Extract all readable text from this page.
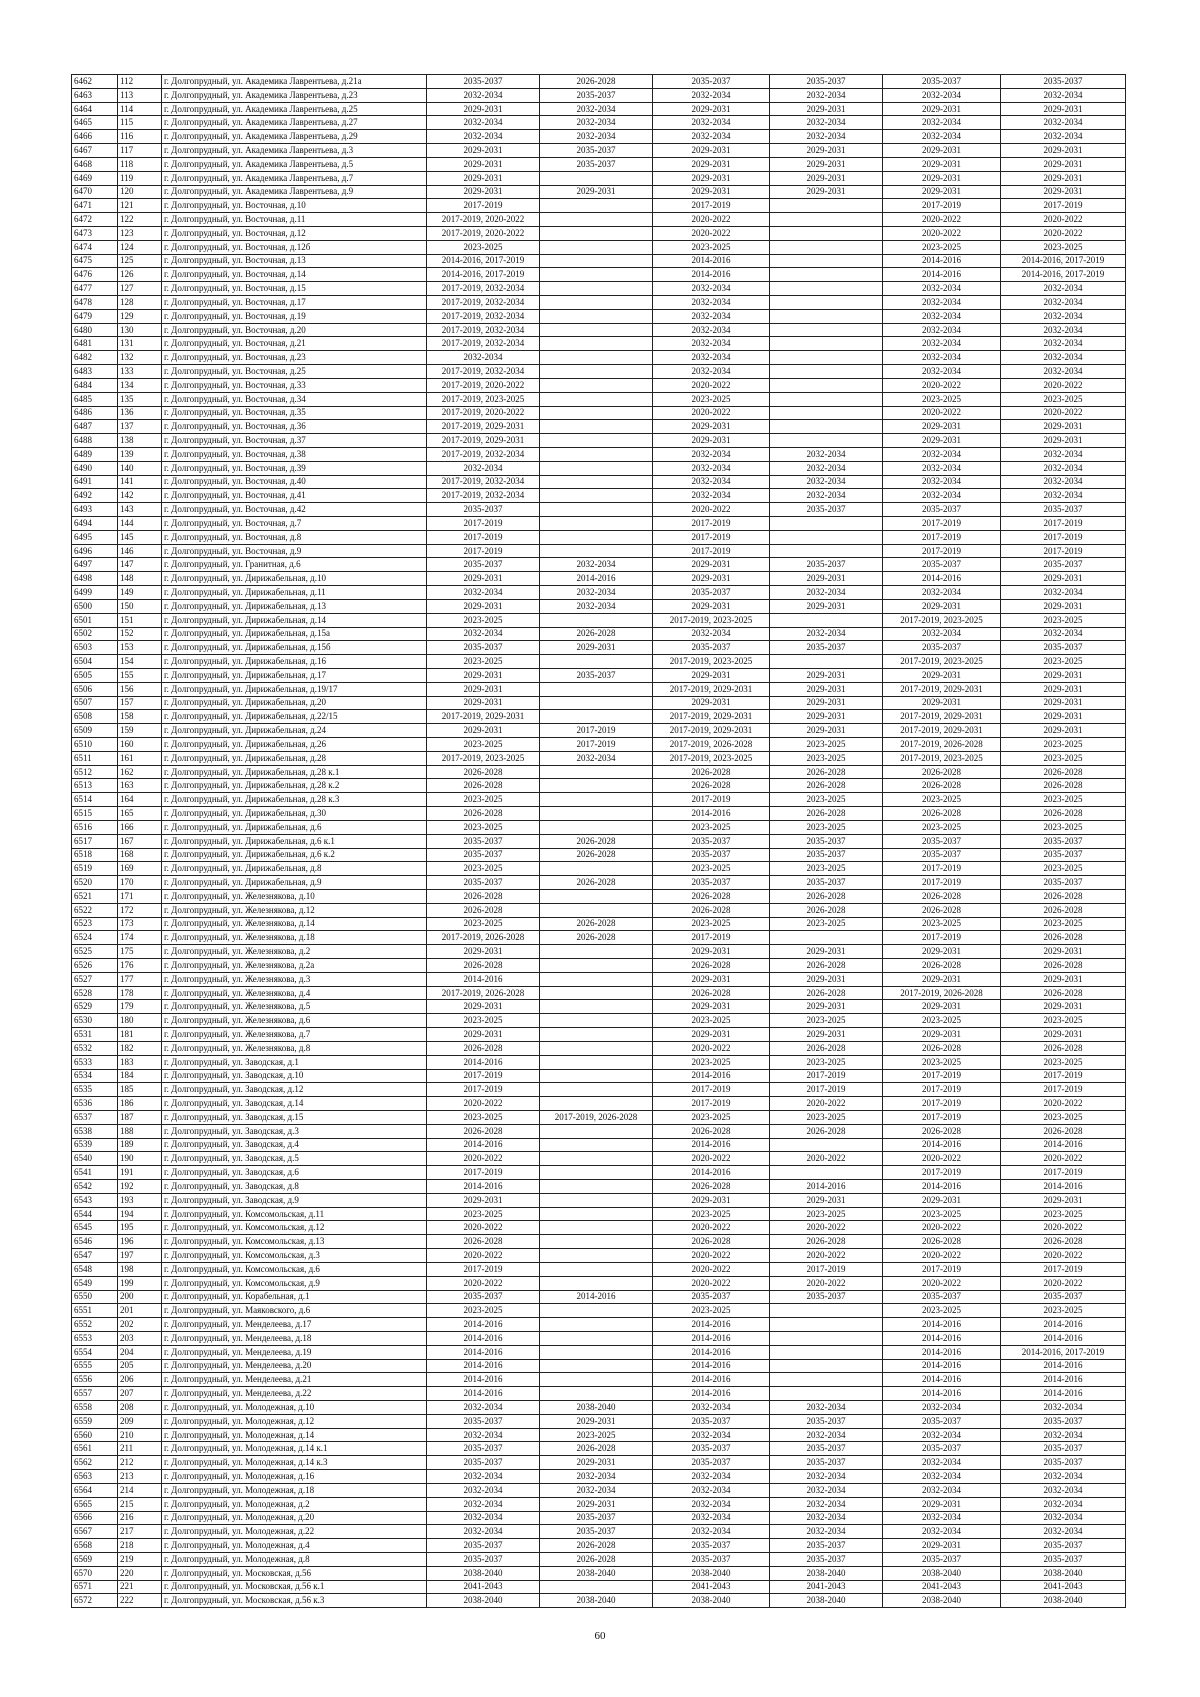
6462	112	г. Долгопрудный, ул. Академика Лаврентьева, д.21а	2035-2037	2026-2028	2035-2037	2035-2037	2035-2037	2035-2037
6463	113	г. Долгопрудный, ул. Академика Лаврентьева, д.23	2032-2034	2035-2037	2032-2034	2032-2034	2032-2034	2032-2034
6464	114	г. Долгопрудный, ул. Академика Лаврентьева, д.25	2029-2031	2032-2034	2029-2031	2029-2031	2029-2031	2029-2031
6465	115	г. Долгопрудный, ул. Академика Лаврентьева, д.27	2032-2034	2032-2034	2032-2034	2032-2034	2032-2034	2032-2034
6466	116	г. Долгопрудный, ул. Академика Лаврентьева, д.29	2032-2034	2032-2034	2032-2034	2032-2034	2032-2034	2032-2034
6467	117	г. Долгопрудный, ул. Академика Лаврентьева, д.3	2029-2031	2035-2037	2029-2031	2029-2031	2029-2031	2029-2031
6468	118	г. Долгопрудный, ул. Академика Лаврентьева, д.5	2029-2031	2035-2037	2029-2031	2029-2031	2029-2031	2029-2031
6469	119	г. Долгопрудный, ул. Академика Лаврентьева, д.7	2029-2031		2029-2031	2029-2031	2029-2031	2029-2031
6470	120	г. Долгопрудный, ул. Академика Лаврентьева, д.9	2029-2031	2029-2031	2029-2031	2029-2031	2029-2031	2029-2031
6471	121	г. Долгопрудный, ул. Восточная, д.10	2017-2019		2017-2019		2017-2019	2017-2019
6472	122	г. Долгопрудный, ул. Восточная, д.11	2017-2019, 2020-2022		2020-2022		2020-2022	2020-2022
6473	123	г. Долгопрудный, ул. Восточная, д.12	2017-2019, 2020-2022		2020-2022		2020-2022	2020-2022
6474	124	г. Долгопрудный, ул. Восточная, д.12б	2023-2025		2023-2025		2023-2025	2023-2025
6475	125	г. Долгопрудный, ул. Восточная, д.13	2014-2016, 2017-2019		2014-2016		2014-2016	2014-2016, 2017-2019
6476	126	г. Долгопрудный, ул. Восточная, д.14	2014-2016, 2017-2019		2014-2016		2014-2016	2014-2016, 2017-2019
6477	127	г. Долгопрудный, ул. Восточная, д.15	2017-2019, 2032-2034		2032-2034		2032-2034	2032-2034
6478	128	г. Долгопрудный, ул. Восточная, д.17	2017-2019, 2032-2034		2032-2034		2032-2034	2032-2034
6479	129	г. Долгопрудный, ул. Восточная, д.19	2017-2019, 2032-2034		2032-2034		2032-2034	2032-2034
6480	130	г. Долгопрудный, ул. Восточная, д.20	2017-2019, 2032-2034		2032-2034		2032-2034	2032-2034
6481	131	г. Долгопрудный, ул. Восточная, д.21	2017-2019, 2032-2034		2032-2034		2032-2034	2032-2034
6482	132	г. Долгопрудный, ул. Восточная, д.23	2032-2034		2032-2034		2032-2034	2032-2034
6483	133	г. Долгопрудный, ул. Восточная, д.25	2017-2019, 2032-2034		2032-2034		2032-2034	2032-2034
6484	134	г. Долгопрудный, ул. Восточная, д.33	2017-2019, 2020-2022		2020-2022		2020-2022	2020-2022
6485	135	г. Долгопрудный, ул. Восточная, д.34	2017-2019, 2023-2025		2023-2025		2023-2025	2023-2025
6486	136	г. Долгопрудный, ул. Восточная, д.35	2017-2019, 2020-2022		2020-2022		2020-2022	2020-2022
6487	137	г. Долгопрудный, ул. Восточная, д.36	2017-2019, 2029-2031		2029-2031		2029-2031	2029-2031
6488	138	г. Долгопрудный, ул. Восточная, д.37	2017-2019, 2029-2031		2029-2031		2029-2031	2029-2031
6489	139	г. Долгопрудный, ул. Восточная, д.38	2017-2019, 2032-2034		2032-2034	2032-2034	2032-2034	2032-2034
6490	140	г. Долгопрудный, ул. Восточная, д.39	2032-2034		2032-2034	2032-2034	2032-2034	2032-2034
6491	141	г. Долгопрудный, ул. Восточная, д.40	2017-2019, 2032-2034		2032-2034	2032-2034	2032-2034	2032-2034
6492	142	г. Долгопрудный, ул. Восточная, д.41	2017-2019, 2032-2034		2032-2034	2032-2034	2032-2034	2032-2034
6493	143	г. Долгопрудный, ул. Восточная, д.42	2035-2037		2020-2022	2035-2037	2035-2037	2035-2037
6494	144	г. Долгопрудный, ул. Восточная, д.7	2017-2019		2017-2019		2017-2019	2017-2019
6495	145	г. Долгопрудный, ул. Восточная, д.8	2017-2019		2017-2019		2017-2019	2017-2019
6496	146	г. Долгопрудный, ул. Восточная, д.9	2017-2019		2017-2019		2017-2019	2017-2019
6497	147	г. Долгопрудный, ул. Гранитная, д.6	2035-2037	2032-2034	2029-2031	2035-2037	2035-2037	2035-2037
6498	148	г. Долгопрудный, ул. Дирижабельная, д.10	2029-2031	2014-2016	2029-2031	2029-2031	2014-2016	2029-2031
6499	149	г. Долгопрудный, ул. Дирижабельная, д.11	2032-2034	2032-2034	2035-2037	2032-2034	2032-2034	2032-2034
6500	150	г. Долгопрудный, ул. Дирижабельная, д.13	2029-2031	2032-2034	2029-2031	2029-2031	2029-2031	2029-2031
6501	151	г. Долгопрудный, ул. Дирижабельная, д.14	2023-2025		2017-2019, 2023-2025		2017-2019, 2023-2025	2023-2025
6502	152	г. Долгопрудный, ул. Дирижабельная, д.15а	2032-2034	2026-2028	2032-2034	2032-2034	2032-2034	2032-2034
6503	153	г. Долгопрудный, ул. Дирижабельная, д.15б	2035-2037	2029-2031	2035-2037	2035-2037	2035-2037	2035-2037
6504	154	г. Долгопрудный, ул. Дирижабельная, д.16	2023-2025		2017-2019, 2023-2025		2017-2019, 2023-2025	2023-2025
6505	155	г. Долгопрудный, ул. Дирижабельная, д.17	2029-2031	2035-2037	2029-2031	2029-2031	2029-2031	2029-2031
6506	156	г. Долгопрудный, ул. Дирижабельная, д.19/17	2029-2031		2017-2019, 2029-2031	2029-2031	2017-2019, 2029-2031	2029-2031
6507	157	г. Долгопрудный, ул. Дирижабельная, д.20	2029-2031		2029-2031	2029-2031	2029-2031	2029-2031
6508	158	г. Долгопрудный, ул. Дирижабельная, д.22/15	2017-2019, 2029-2031		2017-2019, 2029-2031	2029-2031	2017-2019, 2029-2031	2029-2031
6509	159	г. Долгопрудный, ул. Дирижабельная, д.24	2029-2031	2017-2019	2017-2019, 2029-2031	2029-2031	2017-2019, 2029-2031	2029-2031
6510	160	г. Долгопрудный, ул. Дирижабельная, д.26	2023-2025	2017-2019	2017-2019, 2026-2028	2023-2025	2017-2019, 2026-2028	2023-2025
6511	161	г. Долгопрудный, ул. Дирижабельная, д.28	2017-2019, 2023-2025	2032-2034	2017-2019, 2023-2025	2023-2025	2017-2019, 2023-2025	2023-2025
6512	162	г. Долгопрудный, ул. Дирижабельная, д.28 к.1	2026-2028		2026-2028	2026-2028	2026-2028	2026-2028
6513	163	г. Долгопрудный, ул. Дирижабельная, д.28 к.2	2026-2028		2026-2028	2026-2028	2026-2028	2026-2028
6514	164	г. Долгопрудный, ул. Дирижабельная, д.28 к.3	2023-2025		2017-2019	2023-2025	2023-2025	2023-2025
6515	165	г. Долгопрудный, ул. Дирижабельная, д.30	2026-2028		2014-2016	2026-2028	2026-2028	2026-2028
6516	166	г. Долгопрудный, ул. Дирижабельная, д.6	2023-2025		2023-2025	2023-2025	2023-2025	2023-2025
6517	167	г. Долгопрудный, ул. Дирижабельная, д.6 к.1	2035-2037	2026-2028	2035-2037	2035-2037	2035-2037	2035-2037
6518	168	г. Долгопрудный, ул. Дирижабельная, д.6 к.2	2035-2037	2026-2028	2035-2037	2035-2037	2035-2037	2035-2037
6519	169	г. Долгопрудный, ул. Дирижабельная, д.8	2023-2025		2023-2025	2023-2025	2017-2019	2023-2025
6520	170	г. Долгопрудный, ул. Дирижабельная, д.9	2035-2037	2026-2028	2035-2037	2035-2037	2017-2019	2035-2037
6521	171	г. Долгопрудный, ул. Железнякова, д.10	2026-2028		2026-2028	2026-2028	2026-2028	2026-2028
6522	172	г. Долгопрудный, ул. Железнякова, д.12	2026-2028		2026-2028	2026-2028	2026-2028	2026-2028
6523	173	г. Долгопрудный, ул. Железнякова, д.14	2023-2025	2026-2028	2023-2025	2023-2025	2023-2025	2023-2025
6524	174	г. Долгопрудный, ул. Железнякова, д.18	2017-2019, 2026-2028	2026-2028	2017-2019		2017-2019	2026-2028
6525	175	г. Долгопрудный, ул. Железнякова, д.2	2029-2031		2029-2031	2029-2031	2029-2031	2029-2031
6526	176	г. Долгопрудный, ул. Железнякова, д.2а	2026-2028		2026-2028	2026-2028	2026-2028	2026-2028
6527	177	г. Долгопрудный, ул. Железнякова, д.3	2014-2016		2029-2031	2029-2031	2029-2031	2029-2031
6528	178	г. Долгопрудный, ул. Железнякова, д.4	2017-2019, 2026-2028		2026-2028	2026-2028	2017-2019, 2026-2028	2026-2028
6529	179	г. Долгопрудный, ул. Железнякова, д.5	2029-2031		2029-2031	2029-2031	2029-2031	2029-2031
6530	180	г. Долгопрудный, ул. Железнякова, д.6	2023-2025		2023-2025	2023-2025	2023-2025	2023-2025
6531	181	г. Долгопрудный, ул. Железнякова, д.7	2029-2031		2029-2031	2029-2031	2029-2031	2029-2031
6532	182	г. Долгопрудный, ул. Железнякова, д.8	2026-2028		2020-2022	2026-2028	2026-2028	2026-2028
6533	183	г. Долгопрудный, ул. Заводская, д.1	2014-2016		2023-2025	2023-2025	2023-2025	2023-2025
6534	184	г. Долгопрудный, ул. Заводская, д.10	2017-2019		2014-2016	2017-2019	2017-2019	2017-2019
6535	185	г. Долгопрудный, ул. Заводская, д.12	2017-2019		2017-2019	2017-2019	2017-2019	2017-2019
6536	186	г. Долгопрудный, ул. Заводская, д.14	2020-2022		2017-2019	2020-2022	2017-2019	2020-2022
6537	187	г. Долгопрудный, ул. Заводская, д.15	2023-2025	2017-2019, 2026-2028	2023-2025	2023-2025	2017-2019	2023-2025
6538	188	г. Долгопрудный, ул. Заводская, д.3	2026-2028		2026-2028	2026-2028	2026-2028	2026-2028
6539	189	г. Долгопрудный, ул. Заводская, д.4	2014-2016		2014-2016		2014-2016	2014-2016
6540	190	г. Долгопрудный, ул. Заводская, д.5	2020-2022		2020-2022	2020-2022	2020-2022	2020-2022
6541	191	г. Долгопрудный, ул. Заводская, д.6	2017-2019		2014-2016		2017-2019	2017-2019
6542	192	г. Долгопрудный, ул. Заводская, д.8	2014-2016		2026-2028	2014-2016	2014-2016	2014-2016
6543	193	г. Долгопрудный, ул. Заводская, д.9	2029-2031		2029-2031	2029-2031	2029-2031	2029-2031
6544	194	г. Долгопрудный, ул. Комсомольская, д.11	2023-2025		2023-2025	2023-2025	2023-2025	2023-2025
6545	195	г. Долгопрудный, ул. Комсомольская, д.12	2020-2022		2020-2022	2020-2022	2020-2022	2020-2022
6546	196	г. Долгопрудный, ул. Комсомольская, д.13	2026-2028		2026-2028	2026-2028	2026-2028	2026-2028
6547	197	г. Долгопрудный, ул. Комсомольская, д.3	2020-2022		2020-2022	2020-2022	2020-2022	2020-2022
6548	198	г. Долгопрудный, ул. Комсомольская, д.6	2017-2019		2020-2022	2017-2019	2017-2019	2017-2019
6549	199	г. Долгопрудный, ул. Комсомольская, д.9	2020-2022		2020-2022	2020-2022	2020-2022	2020-2022
6550	200	г. Долгопрудный, ул. Корабельная, д.1	2035-2037	2014-2016	2035-2037	2035-2037	2035-2037	2035-2037
6551	201	г. Долгопрудный, ул. Маяковского, д.6	2023-2025		2023-2025		2023-2025	2023-2025
6552	202	г. Долгопрудный, ул. Менделеева, д.17	2014-2016		2014-2016		2014-2016	2014-2016
6553	203	г. Долгопрудный, ул. Менделеева, д.18	2014-2016		2014-2016		2014-2016	2014-2016
6554	204	г. Долгопрудный, ул. Менделеева, д.19	2014-2016		2014-2016		2014-2016	2014-2016, 2017-2019
6555	205	г. Долгопрудный, ул. Менделеева, д.20	2014-2016		2014-2016		2014-2016	2014-2016
6556	206	г. Долгопрудный, ул. Менделеева, д.21	2014-2016		2014-2016		2014-2016	2014-2016
6557	207	г. Долгопрудный, ул. Менделеева, д.22	2014-2016		2014-2016		2014-2016	2014-2016
6558	208	г. Долгопрудный, ул. Молодежная, д.10	2032-2034	2038-2040	2032-2034	2032-2034	2032-2034	2032-2034
6559	209	г. Долгопрудный, ул. Молодежная, д.12	2035-2037	2029-2031	2035-2037	2035-2037	2035-2037	2035-2037
6560	210	г. Долгопрудный, ул. Молодежная, д.14	2032-2034	2023-2025	2032-2034	2032-2034	2032-2034	2032-2034
6561	211	г. Долгопрудный, ул. Молодежная, д.14 к.1	2035-2037	2026-2028	2035-2037	2035-2037	2035-2037	2035-2037
6562	212	г. Долгопрудный, ул. Молодежная, д.14 к.3	2035-2037	2029-2031	2035-2037	2035-2037	2032-2034	2035-2037
6563	213	г. Долгопрудный, ул. Молодежная, д.16	2032-2034	2032-2034	2032-2034	2032-2034	2032-2034	2032-2034
6564	214	г. Долгопрудный, ул. Молодежная, д.18	2032-2034	2032-2034	2032-2034	2032-2034	2032-2034	2032-2034
6565	215	г. Долгопрудный, ул. Молодежная, д.2	2032-2034	2029-2031	2032-2034	2032-2034	2029-2031	2032-2034
6566	216	г. Долгопрудный, ул. Молодежная, д.20	2032-2034	2035-2037	2032-2034	2032-2034	2032-2034	2032-2034
6567	217	г. Долгопрудный, ул. Молодежная, д.22	2032-2034	2035-2037	2032-2034	2032-2034	2032-2034	2032-2034
6568	218	г. Долгопрудный, ул. Молодежная, д.4	2035-2037	2026-2028	2035-2037	2035-2037	2029-2031	2035-2037
6569	219	г. Долгопрудный, ул. Молодежная, д.8	2035-2037	2026-2028	2035-2037	2035-2037	2035-2037	2035-2037
6570	220	г. Долгопрудный, ул. Московская, д.56	2038-2040	2038-2040	2038-2040	2038-2040	2038-2040	2038-2040
6571	221	г. Долгопрудный, ул. Московская, д.56 к.1	2041-2043		2041-2043	2041-2043	2041-2043	2041-2043
6572	222	г. Долгопрудный, ул. Московская, д.56 к.3	2038-2040	2038-2040	2038-2040	2038-2040	2038-2040	2038-2040
60
